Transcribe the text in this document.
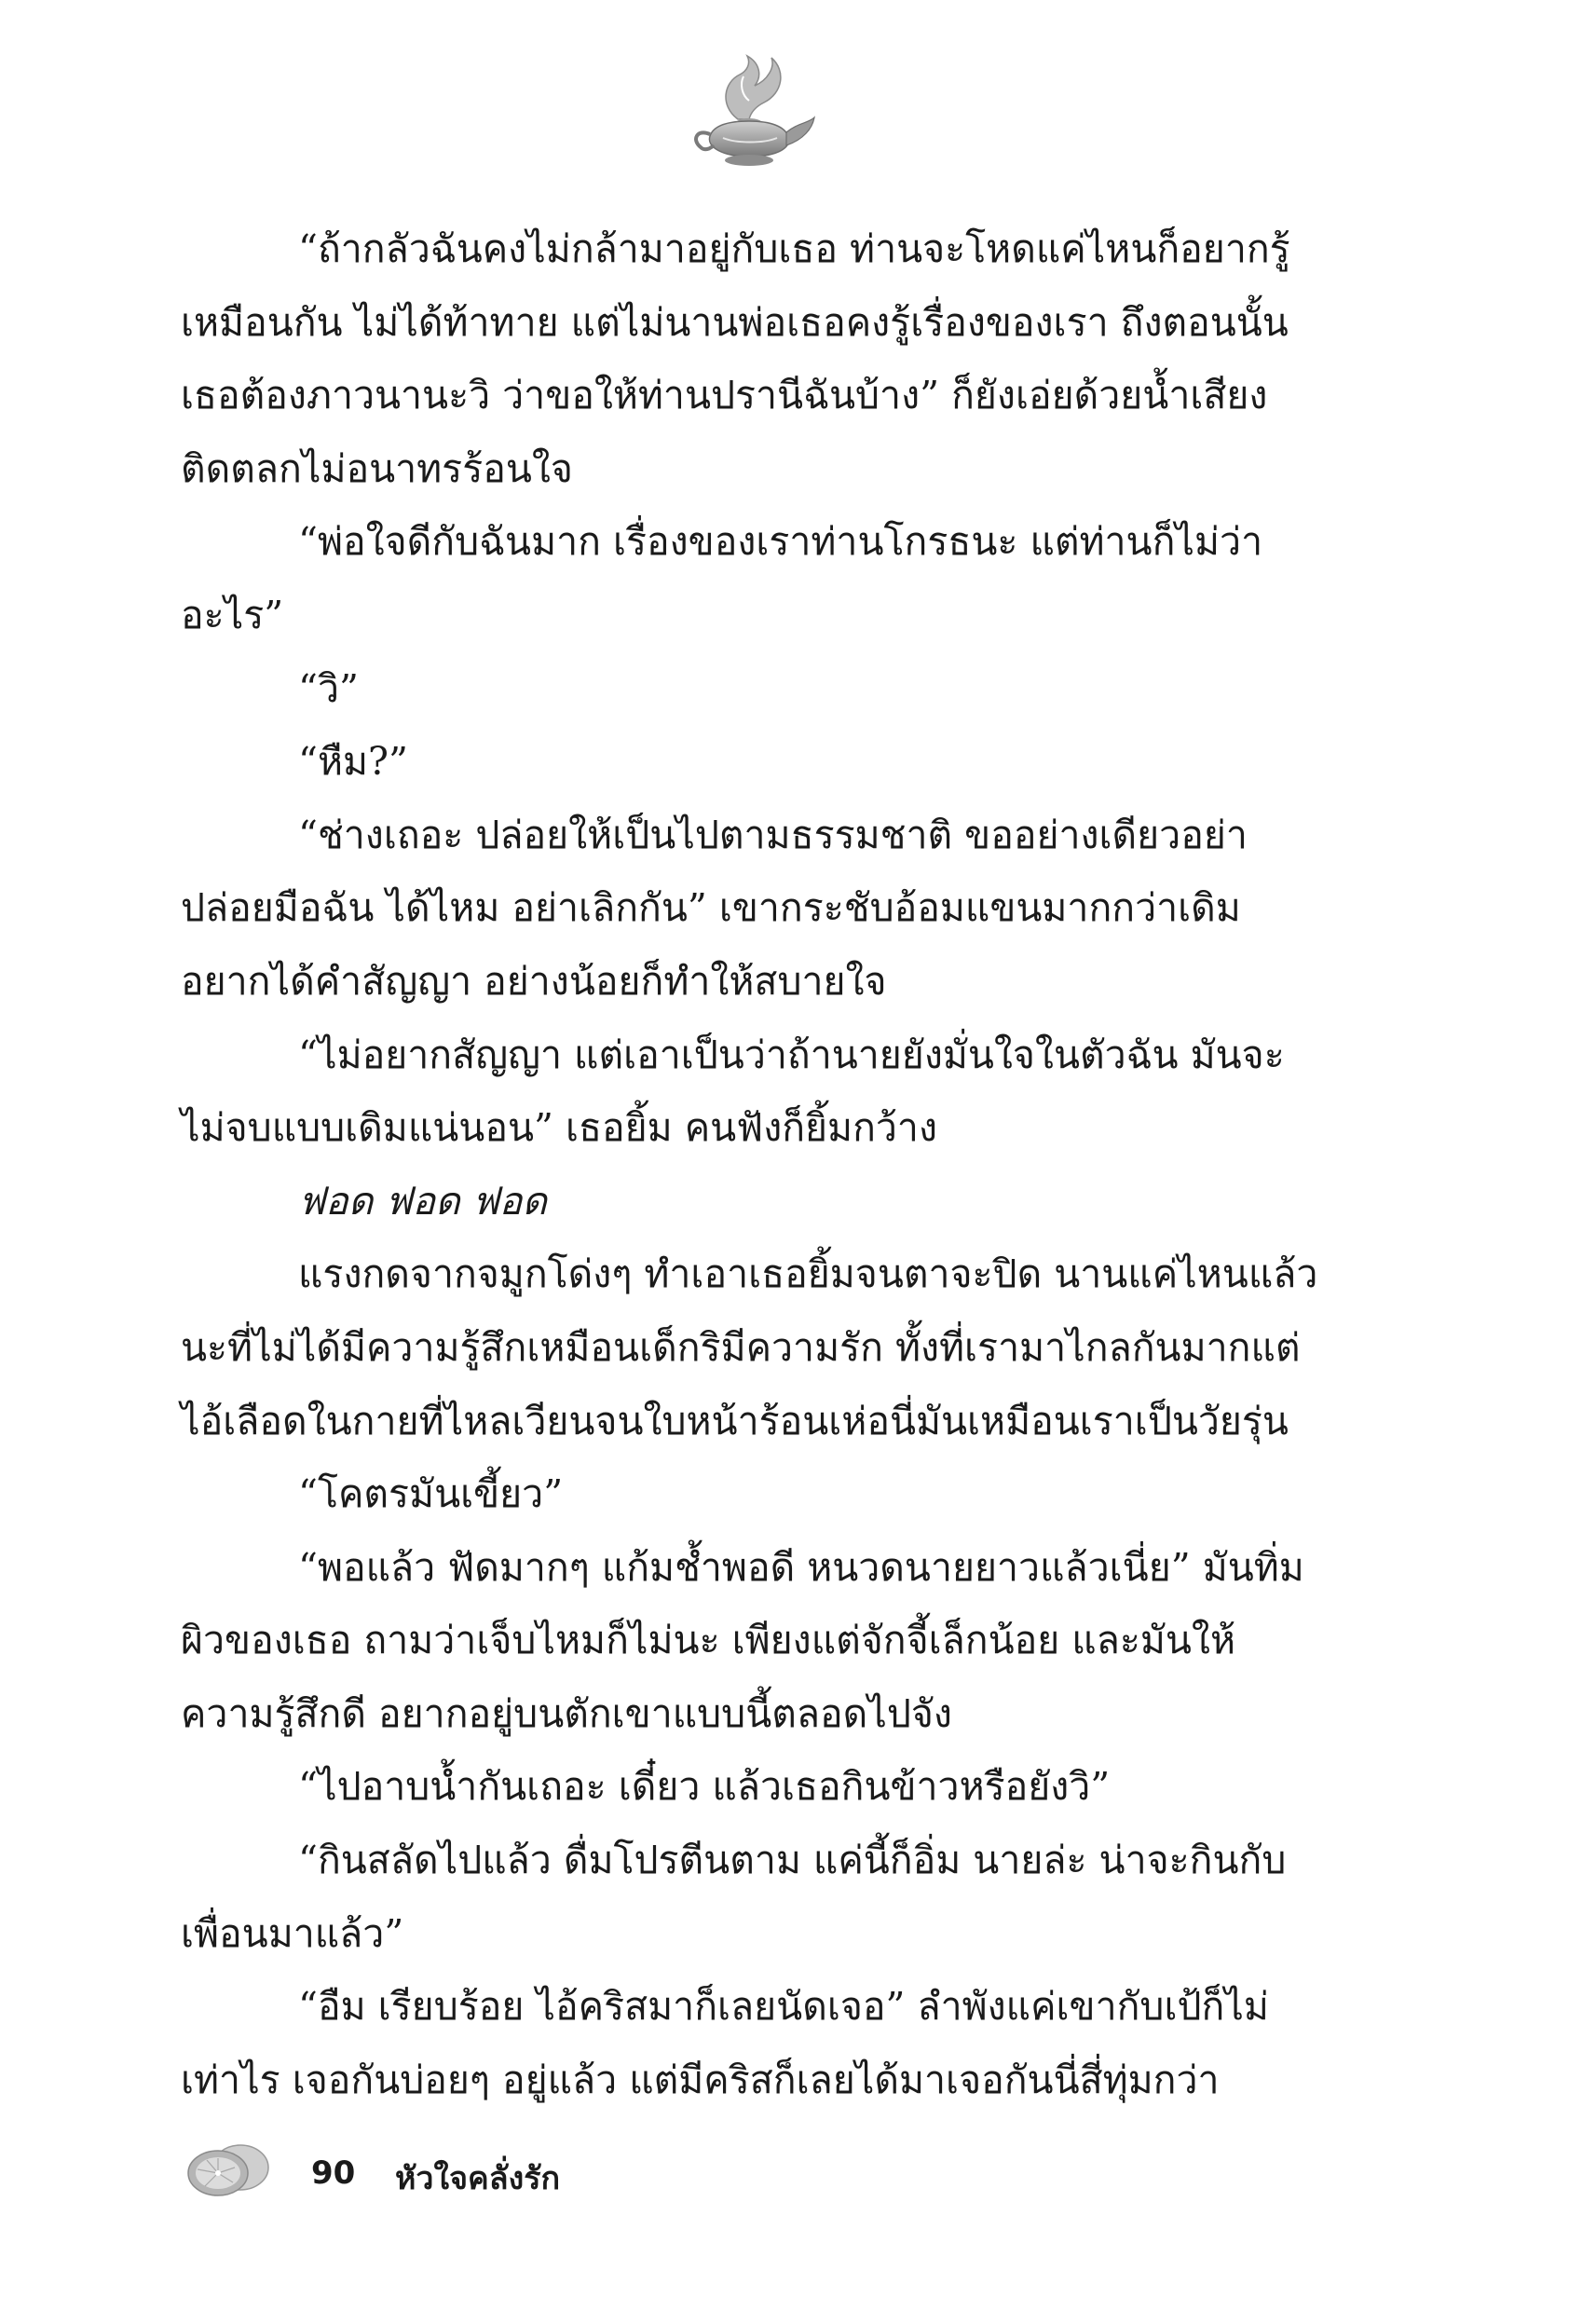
“ถ้ากลัวฉันคงไม่กล้ามาอยู่กับเธอ ท่านจะโหดแค่ไหนก็อยากรู้เหมือนกัน ไม่ได้ท้าทาย แต่ไม่นานพ่อเธอคงรู้เรื่องของเรา ถึงตอนนั้นเธอต้องภาวนานะวิ ว่าขอให้ท่านปรานีฉันบ้าง” ก็ยังเอ่ยด้วยน้ำเสียงติดตลกไม่อนาทรร้อนใจ

“พ่อใจดีกับฉันมาก เรื่องของเราท่านโกรธนะ แต่ท่านก็ไม่ว่าอะไร”

“วิ”

“หืม?”

“ช่างเถอะ ปล่อยให้เป็นไปตามธรรมชาติ ขออย่างเดียวอย่าปล่อยมือฉัน ได้ไหม อย่าเลิกกัน” เขากระชับอ้อมแขนมากกว่าเดิมอยากได้คำสัญญา อย่างน้อยก็ทำให้สบายใจ

“ไม่อยากสัญญา แต่เอาเป็นว่าถ้านายยังมั่นใจในตัวฉัน มันจะไม่จบแบบเดิมแน่นอน” เธอยิ้ม คนฟังก็ยิ้มกว้าง

ฟอด ฟอด ฟอด

แรงกดจากจมูกโด่งๆ ทำเอาเธอยิ้มจนตาจะปิด นานแค่ไหนแล้วนะที่ไม่ได้มีความรู้สึกเหมือนเด็กริมีความรัก ทั้งที่เรามาไกลกันมากแต่ไอ้เลือดในกายที่ไหลเวียนจนใบหน้าร้อนเห่อนี่มันเหมือนเราเป็นวัยรุ่น

“โคตรมันเขี้ยว”

“พอแล้ว ฟัดมากๆ แก้มช้ำพอดี หนวดนายยาวแล้วเนี่ย” มันทิ่มผิวของเธอ ถามว่าเจ็บไหมก็ไม่นะ เพียงแต่จักจี้เล็กน้อย และมันให้ความรู้สึกดี อยากอยู่บนตักเขาแบบนี้ตลอดไปจัง

“ไปอาบน้ำกันเถอะ เดี๋ยว แล้วเธอกินข้าวหรือยังวิ”

“กินสลัดไปแล้ว ดื่มโปรตีนตาม แค่นี้ก็อิ่ม นายล่ะ น่าจะกินกับเพื่อนมาแล้ว”

“อืม เรียบร้อย ไอ้คริสมาก็เลยนัดเจอ” ลำพังแค่เขากับเป้ก็ไม่เท่าไร เจอกันบ่อยๆ อยู่แล้ว แต่มีคริสก็เลยได้มาเจอกันนี่สี่ทุ่มกว่า

90 หัวใจคลั่งรัก
